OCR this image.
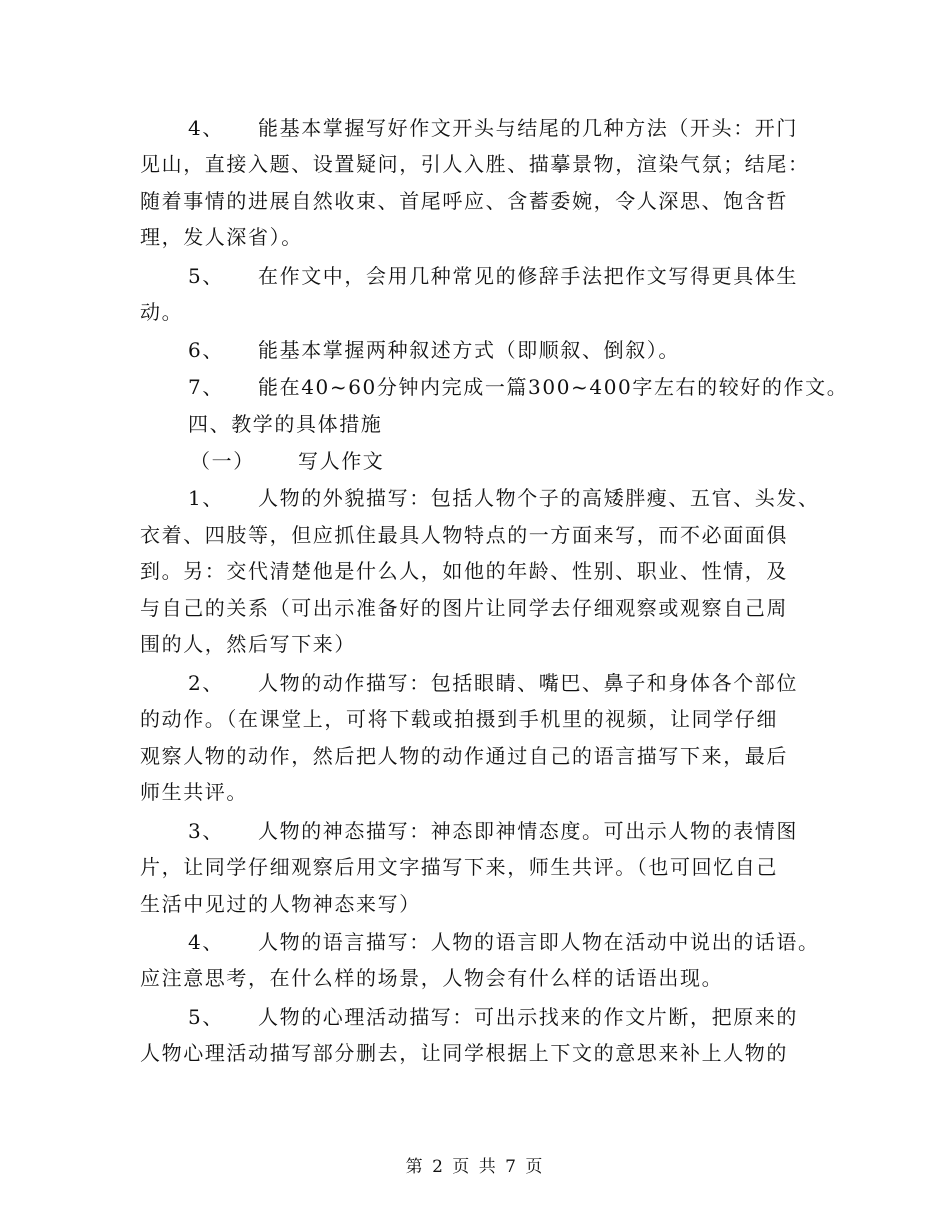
4、 能基本掌握写好作文开头与结尾的几种方法（开头：开门
见山，直接入题、设置疑问，引人入胜、描摹景物，渲染气氛；结尾：
随着事情的进展自然收束、首尾呼应、含蓄委婉，令人深思、饱含哲
理，发人深省）。
5、 在作文中，会用几种常见的修辞手法把作文写得更具体生
动。
6、 能基本掌握两种叙述方式（即顺叙、倒叙）。
7、 能在40~60分钟内完成一篇300~400字左右的较好的作文。
四、教学的具体措施
（一） 写人作文
1、 人物的外貌描写：包括人物个子的高矮胖瘦、五官、头发、
衣着、四肢等，但应抓住最具人物特点的一方面来写，而不必面面俱
到。另：交代清楚他是什么人，如他的年龄、性别、职业、性情，及
与自己的关系（可出示准备好的图片让同学去仔细观察或观察自己周
围的人，然后写下来）
2、 人物的动作描写：包括眼睛、嘴巴、鼻子和身体各个部位
的动作。（在课堂上，可将下载或拍摄到手机里的视频，让同学仔细
观察人物的动作，然后把人物的动作通过自己的语言描写下来，最后
师生共评。
3、 人物的神态描写：神态即神情态度。可出示人物的表情图
片，让同学仔细观察后用文字描写下来，师生共评。（也可回忆自己
生活中见过的人物神态来写）
4、 人物的语言描写：人物的语言即人物在活动中说出的话语。
应注意思考，在什么样的场景，人物会有什么样的话语出现。
5、 人物的心理活动描写：可出示找来的作文片断，把原来的
人物心理活动描写部分删去，让同学根据上下文的意思来补上人物的
第 2 页 共 7 页
